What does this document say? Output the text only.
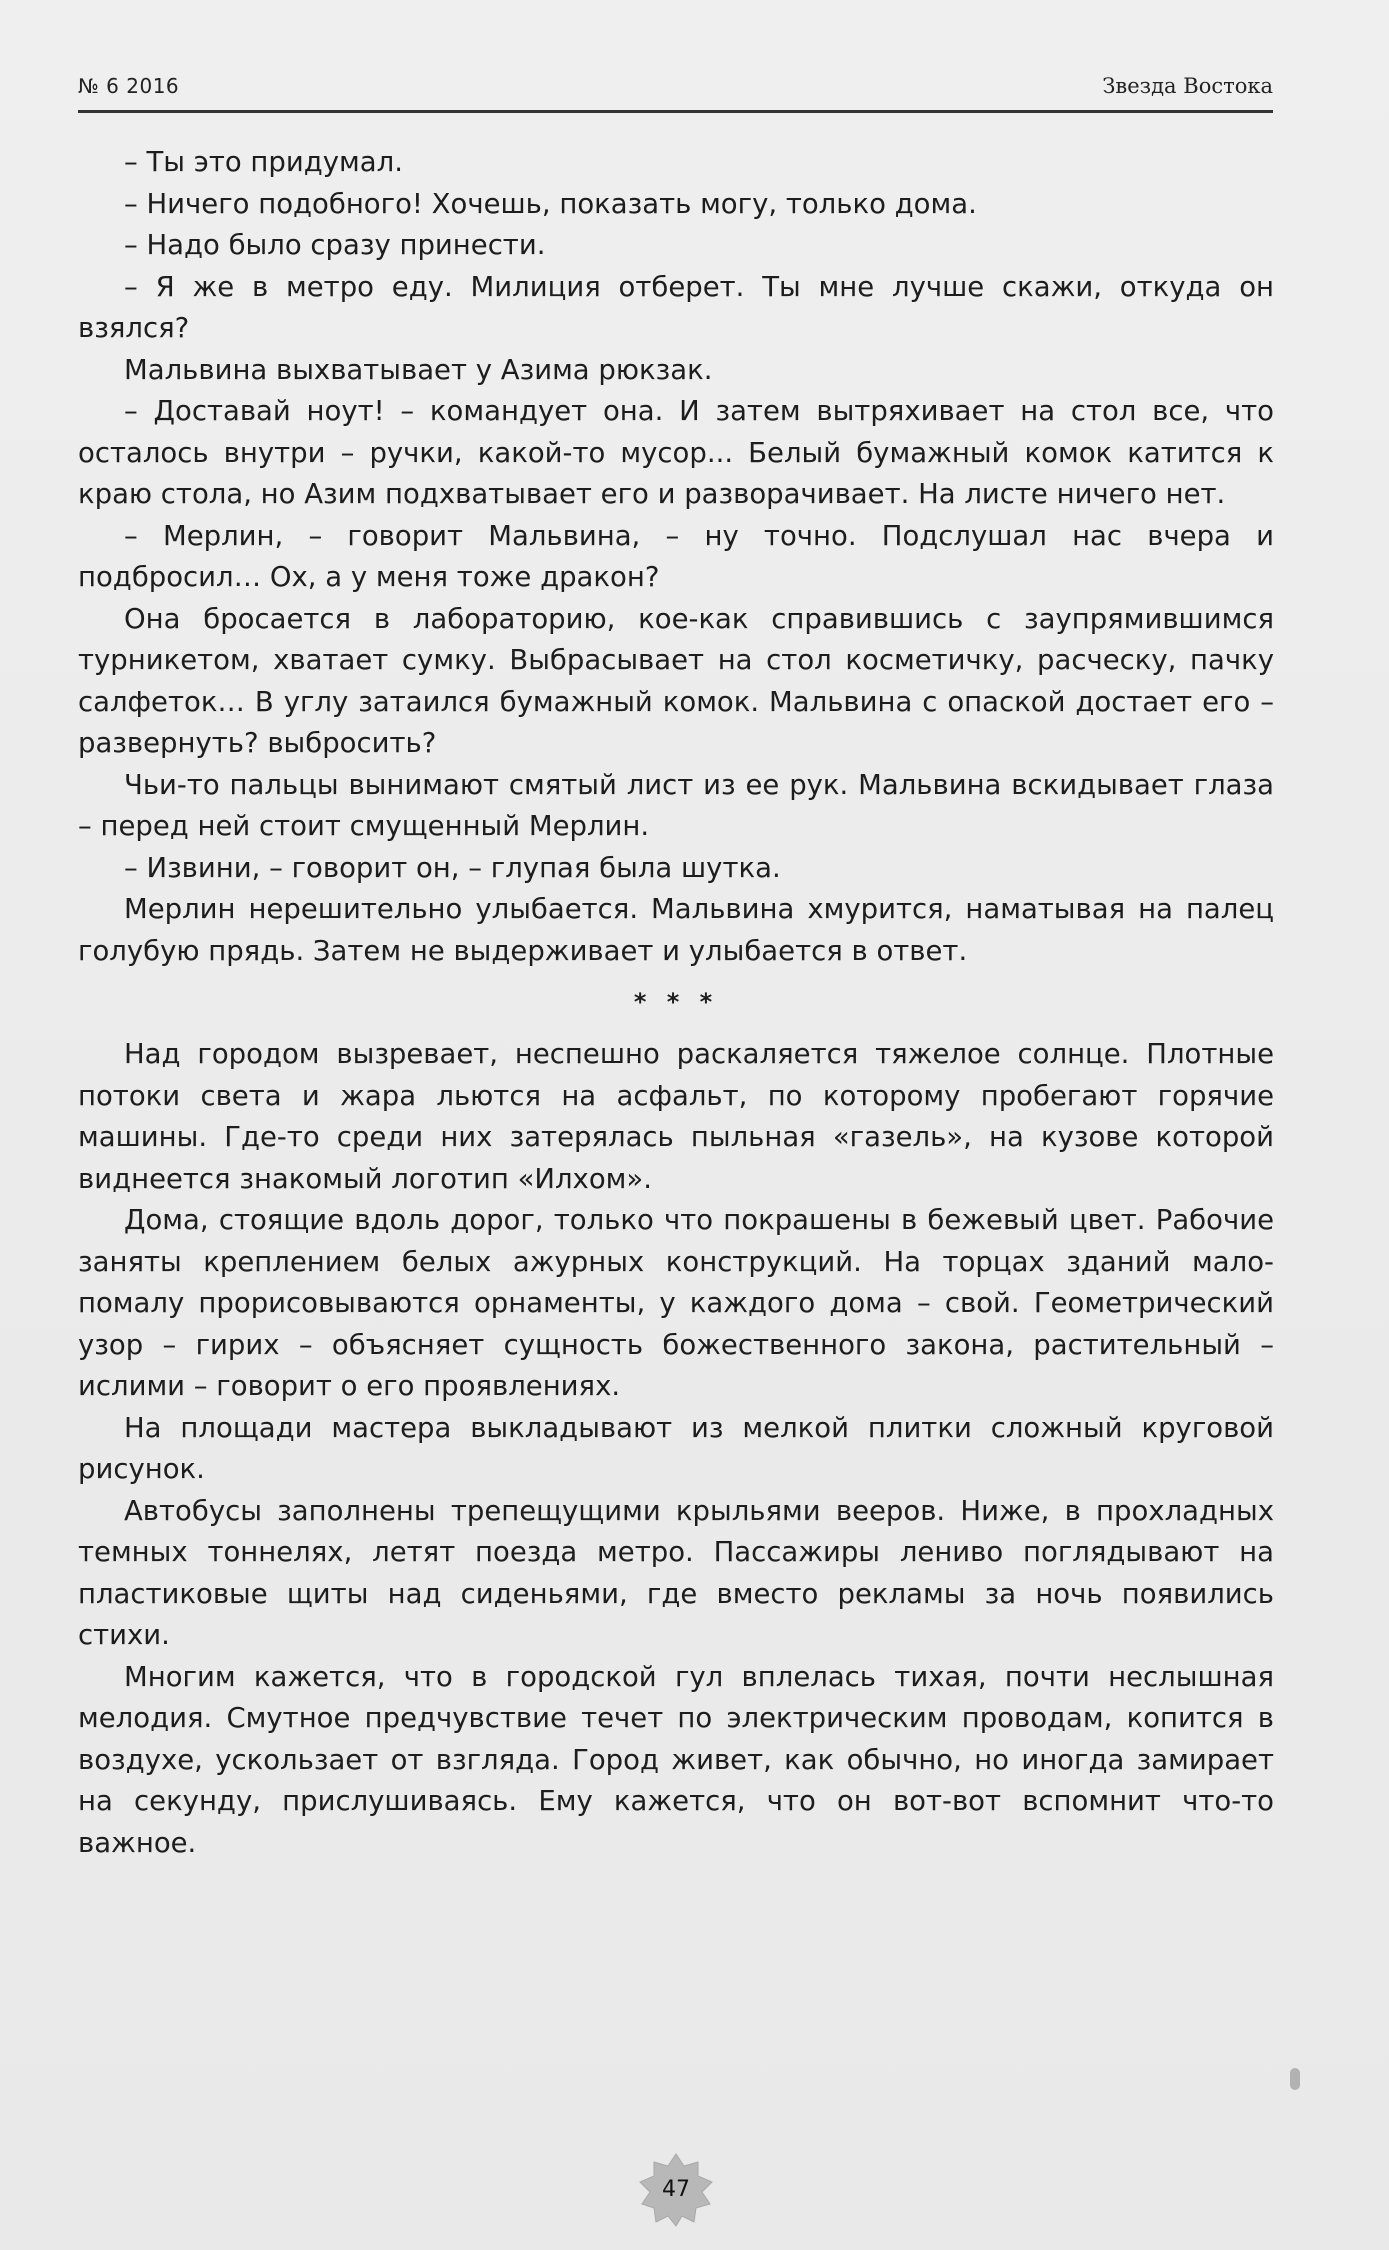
№ 6 2016	Звезда Востока

– Ты это придумал.

– Ничего подобного! Хочешь, показать могу, только дома.

– Надо было сразу принести.

– Я же в метро еду. Милиция отберет. Ты мне лучше скажи, откуда он взялся?

Мальвина выхватывает у Азима рюкзак.

– Доставай ноут! – командует она. И затем вытряхивает на стол все, что осталось внутри – ручки, какой-то мусор... Белый бумажный комок катится к краю стола, но Азим подхватывает его и разворачивает. На листе ничего нет.

– Мерлин, – говорит Мальвина, – ну точно. Подслушал нас вчера и подбросил… Ох, а у меня тоже дракон?

Она бросается в лабораторию, кое-как справившись с заупрямившимся турникетом, хватает сумку. Выбрасывает на стол косметичку, расческу, пачку салфеток… В углу затаился бумажный комок. Мальвина с опаской достает его – развернуть? выбросить?

Чьи-то пальцы вынимают смятый лист из ее рук. Мальвина вскидывает глаза – перед ней стоит смущенный Мерлин.

– Извини, – говорит он, – глупая была шутка.

Мерлин нерешительно улыбается. Мальвина хмурится, наматывая на палец голубую прядь. Затем не выдерживает и улыбается в ответ.

* * *

Над городом вызревает, неспешно раскаляется тяжелое солнце. Плотные потоки света и жара льются на асфальт, по которому пробегают горячие машины. Где-то среди них затерялась пыльная «газель», на кузове которой виднеется знакомый логотип «Илхом».

Дома, стоящие вдоль дорог, только что покрашены в бежевый цвет. Рабочие заняты креплением белых ажурных конструкций. На торцах зданий мало-помалу прорисовываются орнаменты, у каждого дома – свой. Геометрический узор – гирих – объясняет сущность божественного закона, растительный – ислими – говорит о его проявлениях.

На площади мастера выкладывают из мелкой плитки сложный круговой рисунок.

Автобусы заполнены трепещущими крыльями вееров. Ниже, в прохладных темных тоннелях, летят поезда метро. Пассажиры лениво поглядывают на пластиковые щиты над сиденьями, где вместо рекламы за ночь появились стихи.

Многим кажется, что в городской гул вплелась тихая, почти неслышная мелодия. Смутное предчувствие течет по электрическим проводам, копится в воздухе, ускользает от взгляда. Город живет, как обычно, но иногда замирает на секунду, прислушиваясь. Ему кажется, что он вот-вот вспомнит что-то важное.

47
